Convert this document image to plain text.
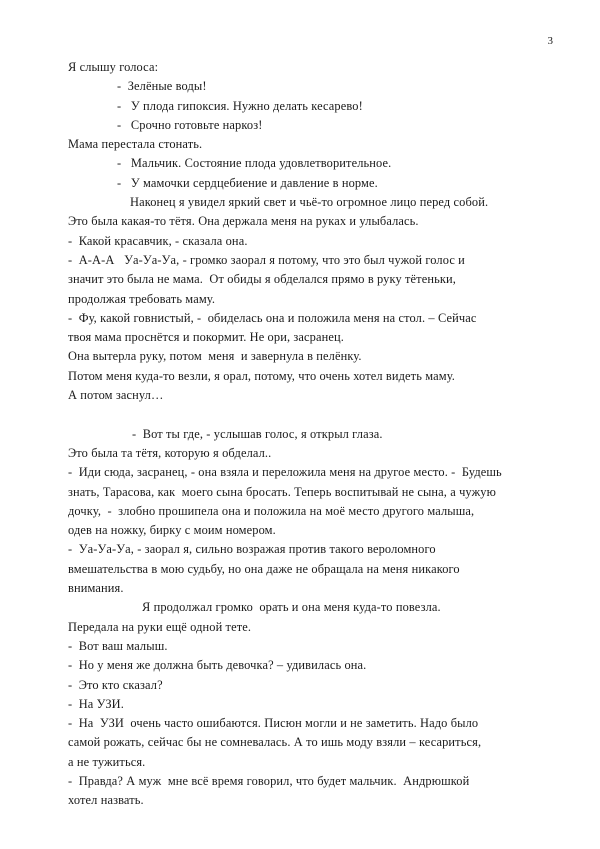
3
Я слышу голоса:
-  Зелёные воды!
-   У плода гипоксия. Нужно делать кесарево!
-   Срочно готовьте наркоз!
Мама перестала стонать.
-   Мальчик. Состояние плода удовлетворительное.
-   У мамочки сердцебиение и давление в норме.
Наконец я увидел яркий свет и чьё-то огромное лицо перед собой.
Это была какая-то тётя. Она держала меня на руках и улыбалась.
-  Какой красавчик, - сказала она.
-  А-А-А   Уа-Уа-Уа, - громко заорал я потому, что это был чужой голос и
значит это была не мама.  От обиды я обделался прямо в руку тётеньки,
продолжая требовать маму.
-  Фу, какой говнистый, -  обиделась она и положила меня на стол. – Сейчас
твоя мама проснётся и покормит. Не ори, засранец.
Она вытерла руку, потом  меня  и завернула в пелёнку.
Потом меня куда-то везли, я орал, потому, что очень хотел видеть маму.
А потом заснул…

-  Вот ты где, - услышав голос, я открыл глаза.
Это была та тётя, которую я обделал..
-  Иди сюда, засранец, - она взяла и переложила меня на другое место. -  Будешь
знать, Тарасова, как  моего сына бросать. Теперь воспитывай не сына, а чужую
дочку,  -  злобно прошипела она и положила на моё место другого малыша,
одев на ножку, бирку с моим номером.
-  Уа-Уа-Уа, - заорал я, сильно возражая против такого вероломного
вмешательства в мою судьбу, но она даже не обращала на меня никакого
внимания.
Я продолжал громко  орать и она меня куда-то повезла.
Передала на руки ещё одной тете.
-  Вот ваш малыш.
-  Но у меня же должна быть девочка? – удивилась она.
-  Это кто сказал?
-  На УЗИ.
-  На  УЗИ  очень часто ошибаются. Писюн могли и не заметить. Надо было
самой рожать, сейчас бы не сомневалась. А то ишь моду взяли – кесариться,
а не тужиться.
-  Правда? А муж  мне всё время говорил, что будет мальчик.  Андрюшкой
хотел назвать.
